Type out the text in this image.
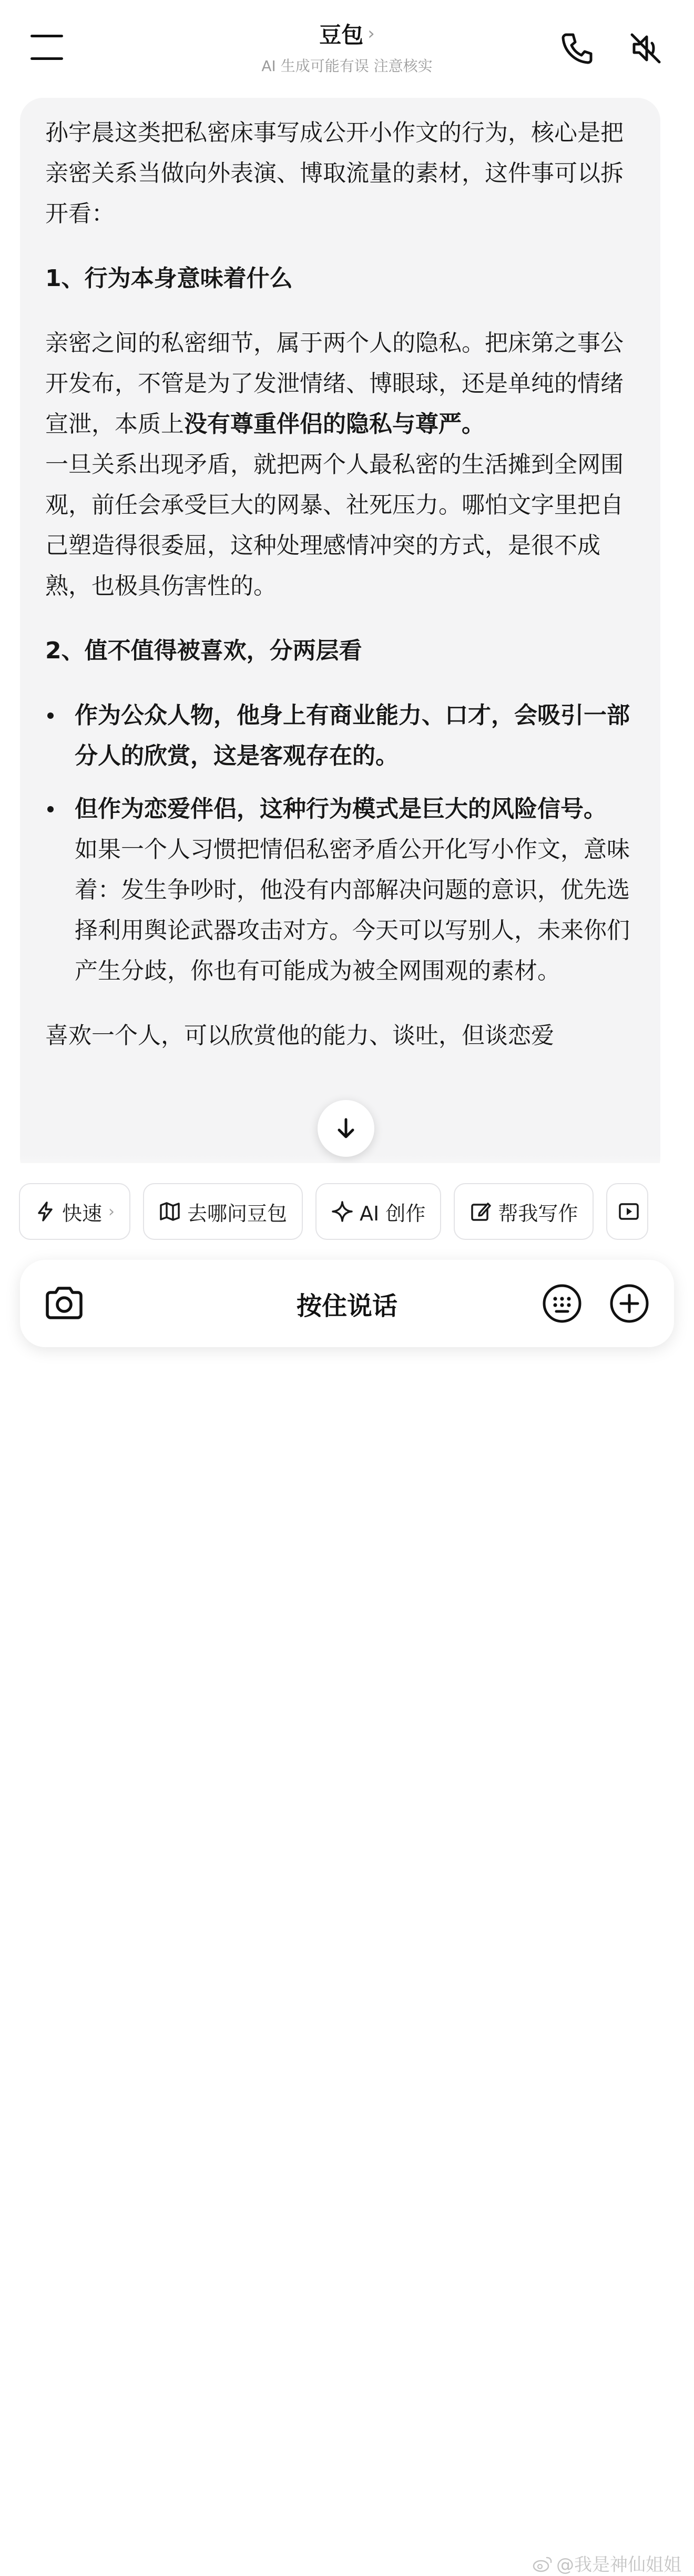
豆包 ›
AI 生成可能有误 注意核实

孙宇晨这类把私密床事写成公开小作文的行为，核心是把亲密关系当做向外表演、博取流量的素材，这件事可以拆开看：

1、行为本身意味着什么

亲密之间的私密细节，属于两个人的隐私。把床第之事公开发布，不管是为了发泄情绪、博眼球，还是单纯的情绪宣泄，本质上没有尊重伴侣的隐私与尊严。

一旦关系出现矛盾，就把两个人最私密的生活摊到全网围观，前任会承受巨大的网暴、社死压力。哪怕文字里把自己塑造得很委屈，这种处理感情冲突的方式，是很不成熟，也极具伤害性的。

2、值不值得被喜欢，分两层看

作为公众人物，他身上有商业能力、口才，会吸引一部分人的欣赏，这是客观存在的。
但作为恋爱伴侣，这种行为模式是巨大的风险信号。
如果一个人习惯把情侣私密矛盾公开化写小作文，意味着：发生争吵时，他没有内部解决问题的意识，优先选择利用舆论武器攻击对方。今天可以写别人，未来你们产生分歧，你也有可能成为被全网围观的素材。

喜欢一个人，可以欣赏他的能力、谈吐，但谈恋爱

快速 ›	去哪问豆包	AI 创作	帮我写作
按住说话
@我是神仙姐姐
